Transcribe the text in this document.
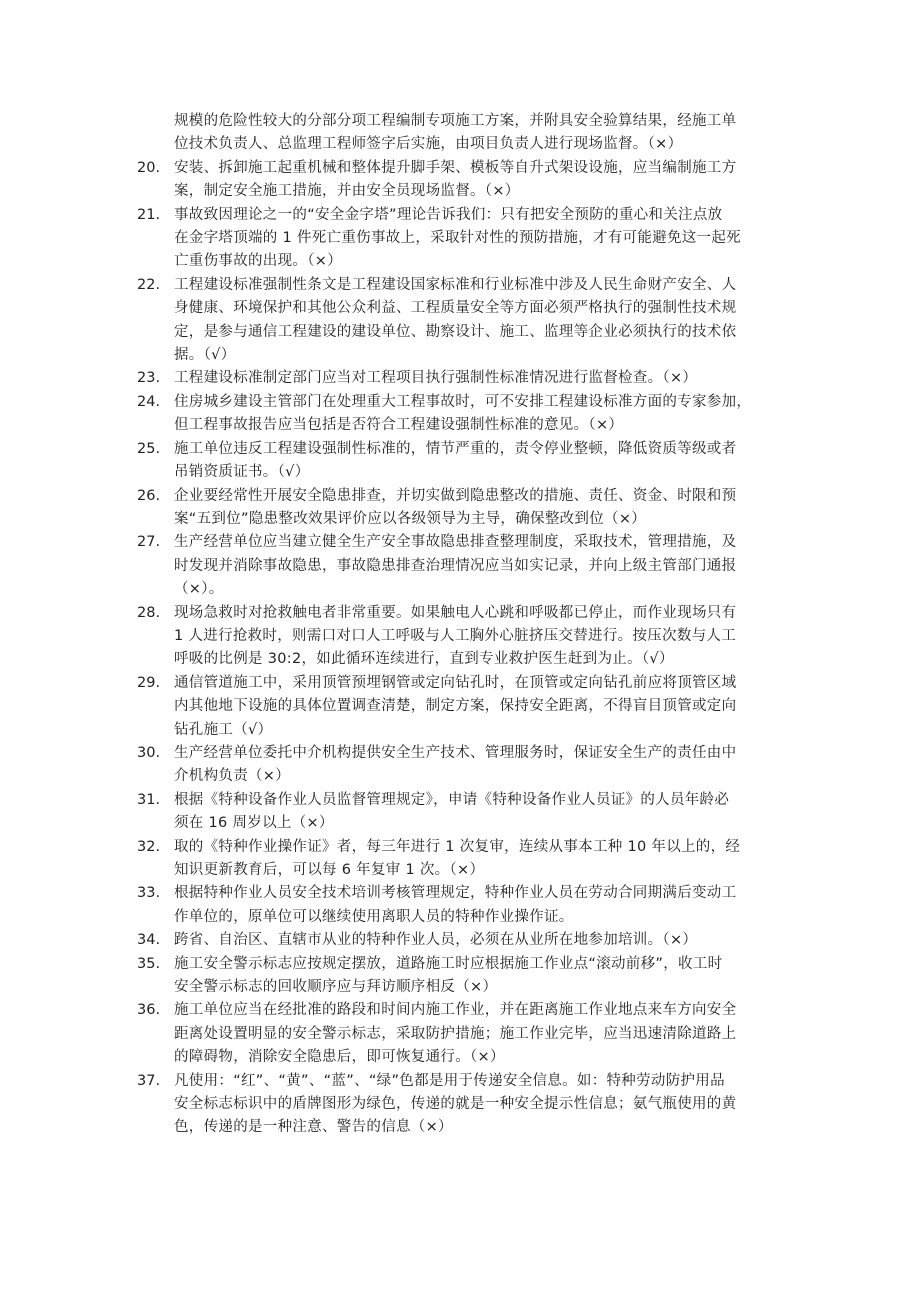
规模的危险性较大的分部分项工程编制专项施工方案，并附具安全验算结果，经施工单
位技术负责人、总监理工程师签字后实施，由项目负责人进行现场监督。（×）
20. 安装、拆卸施工起重机械和整体提升脚手架、模板等自升式架设设施，应当编制施工方
案，制定安全施工措施，并由安全员现场监督。（×）
21. 事故致因理论之一的“安全金字塔”理论告诉我们：只有把安全预防的重心和关注点放
在金字塔顶端的 1 件死亡重伤事故上，采取针对性的预防措施，才有可能避免这一起死
亡重伤事故的出现。（×）
22. 工程建设标准强制性条文是工程建设国家标准和行业标准中涉及人民生命财产安全、人
身健康、环境保护和其他公众利益、工程质量安全等方面必须严格执行的强制性技术规
定，是参与通信工程建设的建设单位、勘察设计、施工、监理等企业必须执行的技术依
据。（√）
23. 工程建设标准制定部门应当对工程项目执行强制性标准情况进行监督检查。（×）
24. 住房城乡建设主管部门在处理重大工程事故时，可不安排工程建设标准方面的专家参加，
但工程事故报告应当包括是否符合工程建设强制性标准的意见。（×）
25. 施工单位违反工程建设强制性标准的，情节严重的，责令停业整顿，降低资质等级或者
吊销资质证书。（√）
26. 企业要经常性开展安全隐患排查，并切实做到隐患整改的措施、责任、资金、时限和预
案“五到位”隐患整改效果评价应以各级领导为主导，确保整改到位（×）
27. 生产经营单位应当建立健全生产安全事故隐患排查整理制度，采取技术，管理措施，及
时发现并消除事故隐患，事故隐患排查治理情况应当如实记录，并向上级主管部门通报
（×）。
28. 现场急救时对抢救触电者非常重要。如果触电人心跳和呼吸都已停止，而作业现场只有
1 人进行抢救时，则需口对口人工呼吸与人工胸外心脏挤压交替进行。按压次数与人工
呼吸的比例是 30:2，如此循环连续进行，直到专业救护医生赶到为止。（√）
29. 通信管道施工中，采用顶管预埋钢管或定向钻孔时，在顶管或定向钻孔前应将顶管区域
内其他地下设施的具体位置调查清楚，制定方案，保持安全距离，不得盲目顶管或定向
钻孔施工（√）
30. 生产经营单位委托中介机构提供安全生产技术、管理服务时，保证安全生产的责任由中
介机构负责（×）
31. 根据《特种设备作业人员监督管理规定》，申请《特种设备作业人员证》的人员年龄必
须在 16 周岁以上（×）
32. 取的《特种作业操作证》者，每三年进行 1 次复审，连续从事本工种 10 年以上的，经
知识更新教育后，可以每 6 年复审 1 次。（×）
33. 根据特种作业人员安全技术培训考核管理规定，特种作业人员在劳动合同期满后变动工
作单位的，原单位可以继续使用离职人员的特种作业操作证。
34. 跨省、自治区、直辖市从业的特种作业人员，必须在从业所在地参加培训。（×）
35. 施工安全警示标志应按规定摆放，道路施工时应根据施工作业点“滚动前移”，收工时
安全警示标志的回收顺序应与拜访顺序相反（×）
36. 施工单位应当在经批准的路段和时间内施工作业，并在距离施工作业地点来车方向安全
距离处设置明显的安全警示标志，采取防护措施；施工作业完毕，应当迅速清除道路上
的障碍物，消除安全隐患后，即可恢复通行。（×）
37. 凡使用：“红”、“黄”、“蓝”、“绿”色都是用于传递安全信息。如：特种劳动防护用品
安全标志标识中的盾牌图形为绿色，传递的就是一种安全提示性信息；氨气瓶使用的黄
色，传递的是一种注意、警告的信息（×）
